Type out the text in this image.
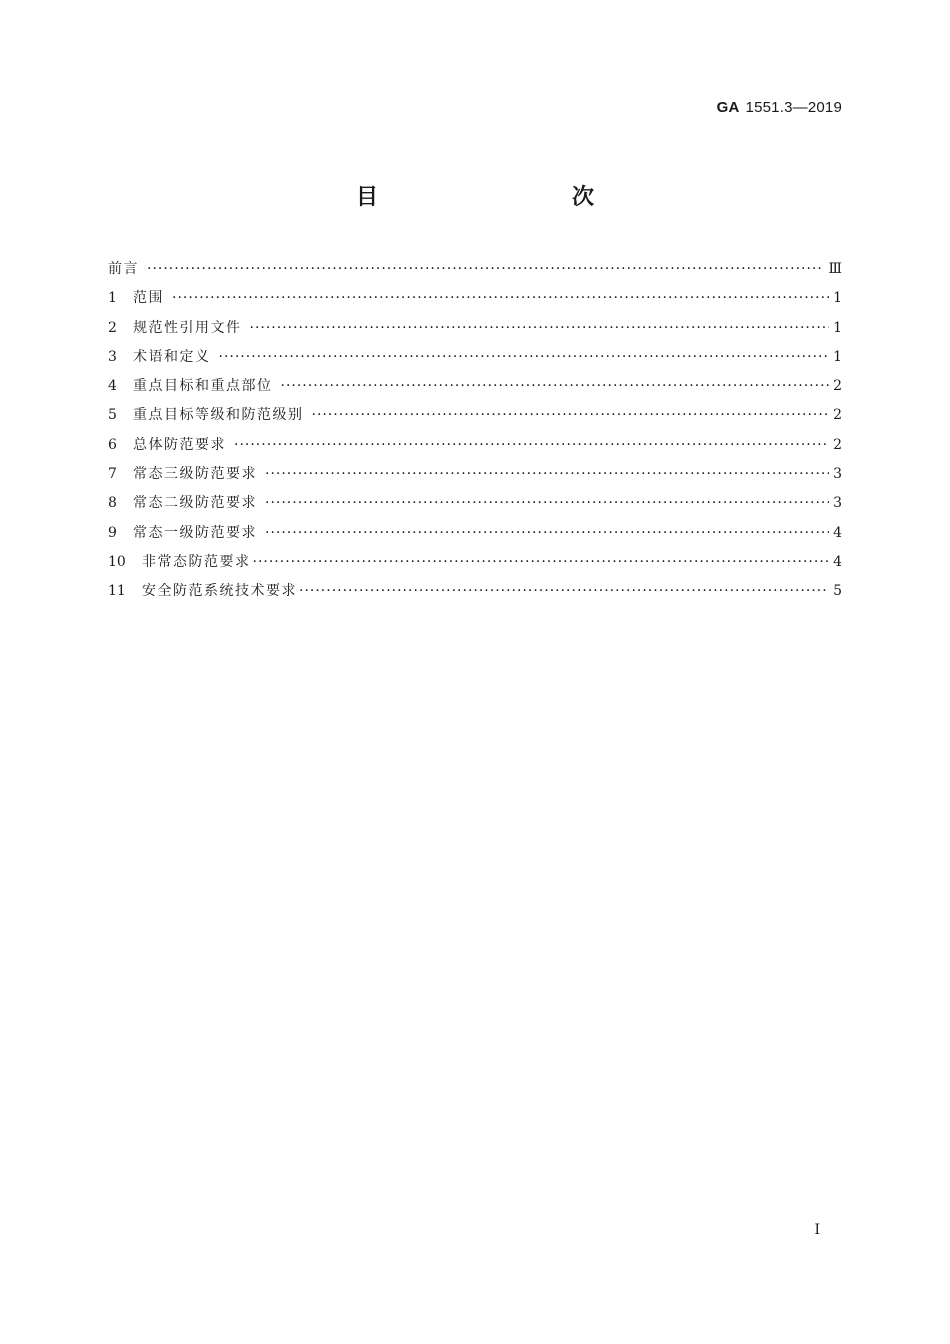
GA 1551.3—2019
目　　次
前言 ·····	Ⅲ
1	范围 ·····	1
2	规范性引用文件 ·····	1
3	术语和定义 ·····	1
4	重点目标和重点部位 ·····	2
5	重点目标等级和防范级别 ·····	2
6	总体防范要求 ·····	2
7	常态三级防范要求 ·····	3
8	常态二级防范要求 ·····	3
9	常态一级防范要求 ·····	4
10	非常态防范要求 ·····	4
11	安全防范系统技术要求 ·····	5
I
